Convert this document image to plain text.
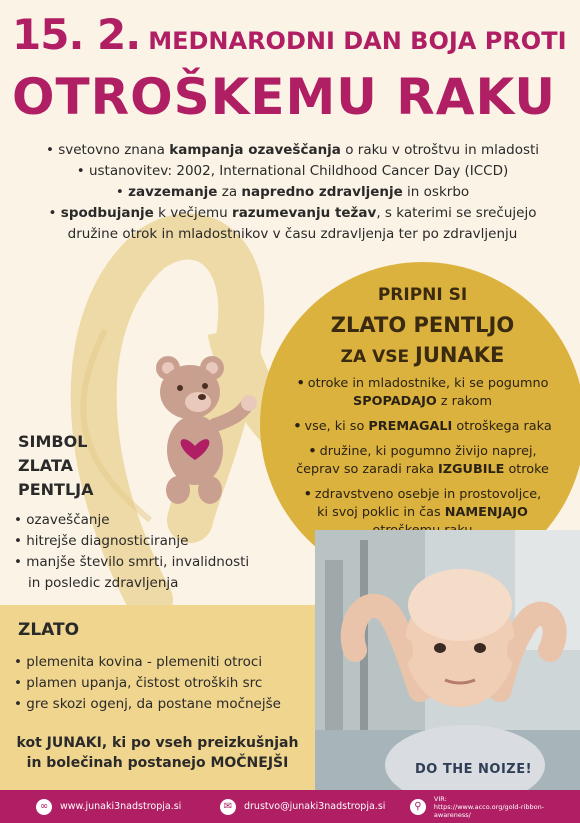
15. 2. MEDNARODNI DAN BOJA PROTI
OTROŠKEMU RAKU
• svetovno znana kampanja ozaveščanja o raku v otroštvu in mladosti
• ustanovitev: 2002, International Childhood Cancer Day (ICCD)
• zavzemanje za napredno zdravljenje in oskrbo
• spodbujanje k večjemu razumevanju težav, s katerimi se srečujejo
družine otrok in mladostnikov v času zdravljenja ter po zdravljenju
PRIPNI SI
ZLATO PENTLJO
ZA VSE JUNAKE
• otroke in mladostnike, ki se pogumno
SPOPADAJO z rakom
• vse, ki so PREMAGALI otroškega raka
• družine, ki pogumno živijo naprej,
čeprav so zaradi raka IZGUBILE otroke
• zdravstveno osebje in prostovoljce,
ki svoj poklic in čas NAMENJAJO

SIMBOL
ZLATA
PENTLJA
• ozaveščanje
• hitrejše diagnosticiranje
• manjše število smrti, invalidnosti
in posledic zdravljenja
ZLATO
• plemenita kovina - plemeniti otroci
• plamen upanja, čistost otroških src
• gre skozi ogenj, da postane močnejše
kot JUNAKI, ki po vseh preizkušnjah
in bolečinah postanejo MOČNEJŠI	DO THE NOIZE!
∞	www.junaki3nadstropja.si	✉	drustvo@junaki3nadstropja.si	⚲
VIR:
https://www.acco.org/gold-ribbon-awareness/
